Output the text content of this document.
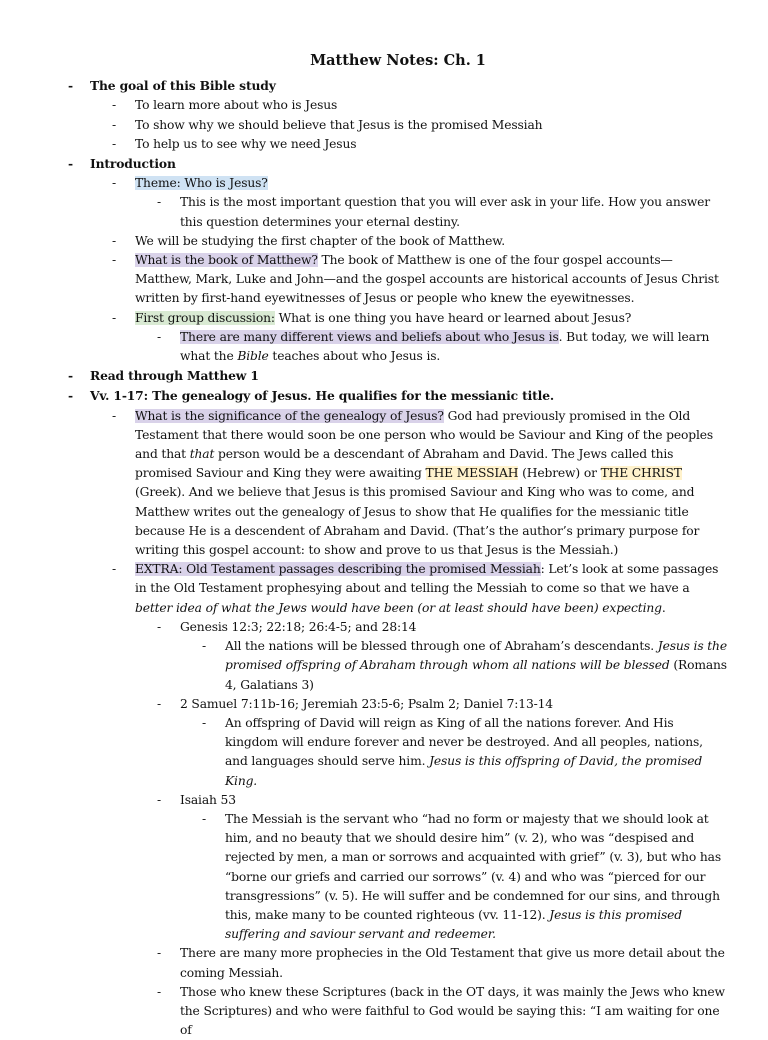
Matthew Notes: Ch. 1
- The goal of this Bible study
- To learn more about who is Jesus
- To show why we should believe that Jesus is the promised Messiah
- To help us to see why we need Jesus
- Introduction
- Theme: Who is Jesus?
- This is the most important question that you will ever ask in your life. How you answer this question determines your eternal destiny.
- We will be studying the first chapter of the book of Matthew.
- What is the book of Matthew? The book of Matthew is one of the four gospel accounts—Matthew, Mark, Luke and John—and the gospel accounts are historical accounts of Jesus Christ written by first-hand eyewitnesses of Jesus or people who knew the eyewitnesses.
- First group discussion: What is one thing you have heard or learned about Jesus?
- There are many different views and beliefs about who Jesus is. But today, we will learn what the Bible teaches about who Jesus is.
- Read through Matthew 1
- Vv. 1-17: The genealogy of Jesus. He qualifies for the messianic title.
- What is the significance of the genealogy of Jesus? God had previously promised in the Old Testament that there would soon be one person who would be Saviour and King of the peoples and that that person would be a descendant of Abraham and David. The Jews called this promised Saviour and King they were awaiting THE MESSIAH (Hebrew) or THE CHRIST (Greek). And we believe that Jesus is this promised Saviour and King who was to come, and Matthew writes out the genealogy of Jesus to show that He qualifies for the messianic title because He is a descendent of Abraham and David. (That’s the author’s primary purpose for writing this gospel account: to show and prove to us that Jesus is the Messiah.)
- EXTRA: Old Testament passages describing the promised Messiah: Let’s look at some passages in the Old Testament prophesying about and telling the Messiah to come so that we have a better idea of what the Jews would have been (or at least should have been) expecting.
- Genesis 12:3; 22:18; 26:4-5; and 28:14
- All the nations will be blessed through one of Abraham’s descendants. Jesus is the promised offspring of Abraham through whom all nations will be blessed (Romans 4, Galatians 3)
- 2 Samuel 7:11b-16; Jeremiah 23:5-6; Psalm 2; Daniel 7:13-14
- An offspring of David will reign as King of all the nations forever. And His kingdom will endure forever and never be destroyed. And all peoples, nations, and languages should serve him. Jesus is this offspring of David, the promised King.
- Isaiah 53
- The Messiah is the servant who “had no form or majesty that we should look at him, and no beauty that we should desire him” (v. 2), who was “despised and rejected by men, a man or sorrows and acquainted with grief” (v. 3), but who has “borne our griefs and carried our sorrows” (v. 4) and who was “pierced for our transgressions” (v. 5). He will suffer and be condemned for our sins, and through this, make many to be counted righteous (vv. 11-12). Jesus is this promised suffering and saviour servant and redeemer.
- There are many more prophecies in the Old Testament that give us more detail about the coming Messiah.
- Those who knew these Scriptures (back in the OT days, it was mainly the Jews who knew the Scriptures) and who were faithful to God would be saying this: “I am waiting for one of
